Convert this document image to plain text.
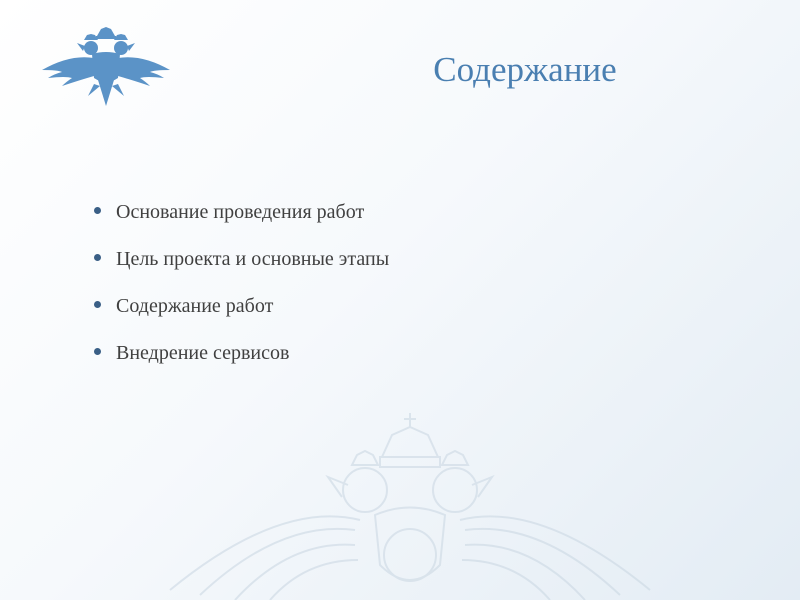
Содержание
Основание проведения работ
Цель проекта и основные этапы
Содержание работ
Внедрение сервисов
